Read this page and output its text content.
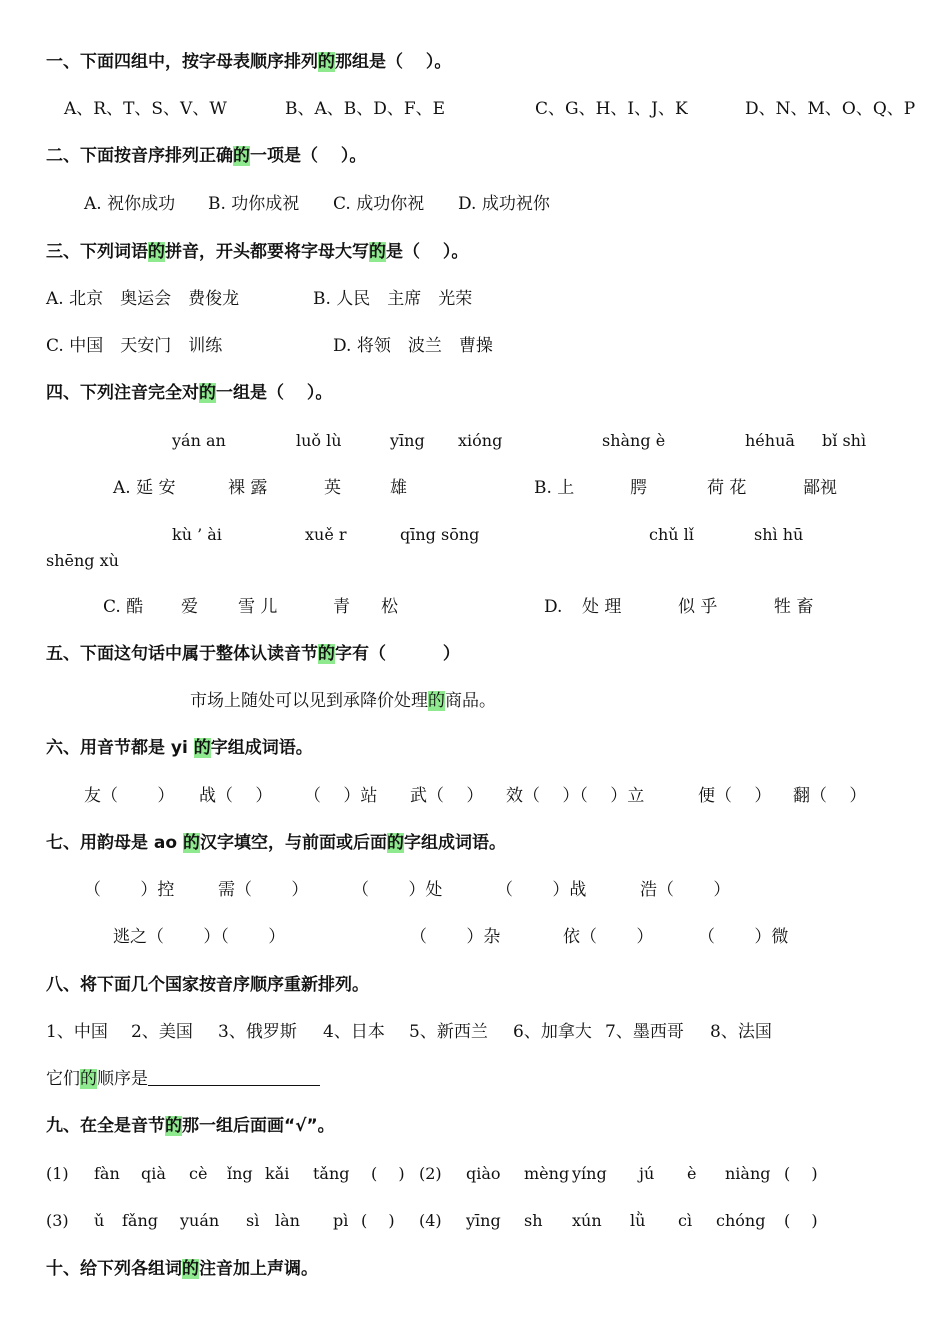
一、下面四组中，按字母表顺序排列的那组是（　 ）。
A、R、T、S、V、W	B、A、B、D、F、E	C、G、H、I、J、K	D、N、M、O、Q、P
二、下面按音序排列正确的一项是（　 ）。
A. 祝你成功 B. 功你成祝 C. 成功你祝 D. 成功祝你
三、下列词语的拼音，开头都要将字母大写的是（　 ）。
A. 北京　奥运会　费俊龙	B. 人民　主席　光荣
C. 中国　天安门　训练	D. 将领　波兰　曹操
四、下列注音完全对的一组是（　 ）。
yán an	luǒ lù	yīng xióng	shàng è	héhuā bǐ shì
A. 延 安	裸 露	英	雄	B. 上	腭	荷 花	鄙视
kù ’ ài	xuě r	qīng sōng	chǔ lǐ	shì hū
shēng xù
C. 酷 爱 雪 儿	青 松	D. 处 理	似 乎	牲 畜
五、下面这句话中属于整体认读音节的字有（　　　 ）
市场上随处可以见到承降价处理的商品。
六、用音节都是 yi 的字组成词语。
友（　　 ） 战（　 ） （　 ）站 武（　 ） 效（　 ）（　 ）立	便（　 ） 翻（　 ）
七、用韵母是 ao 的汉字填空，与前面或后面的字组成词语。
（　　 ）控	需（　　 ）	（　　 ）处	（　　 ）战	浩（　　 ）
逃之（　　 ）（　　 ）	（　　 ）杂	依（　　 ）	（　　 ）微
八、将下面几个国家按音序顺序重新排列。
1、中国 2、美国 3、俄罗斯 4、日本 5、新西兰 6、加拿大 7、墨西哥 8、法国
它们的顺序是
九、在全是音节的那一组后面画“√”。
(1) fàn qià cè ǐng kǎi tǎng (　 ) (2) qiào mèng yíng jú è niàng (　 )
(3) ǔ fǎng yuán sì làn pì (　 ) (4) yīng sh xún lǜ cì chóng (　 )
十、给下列各组词的注音加上声调。
